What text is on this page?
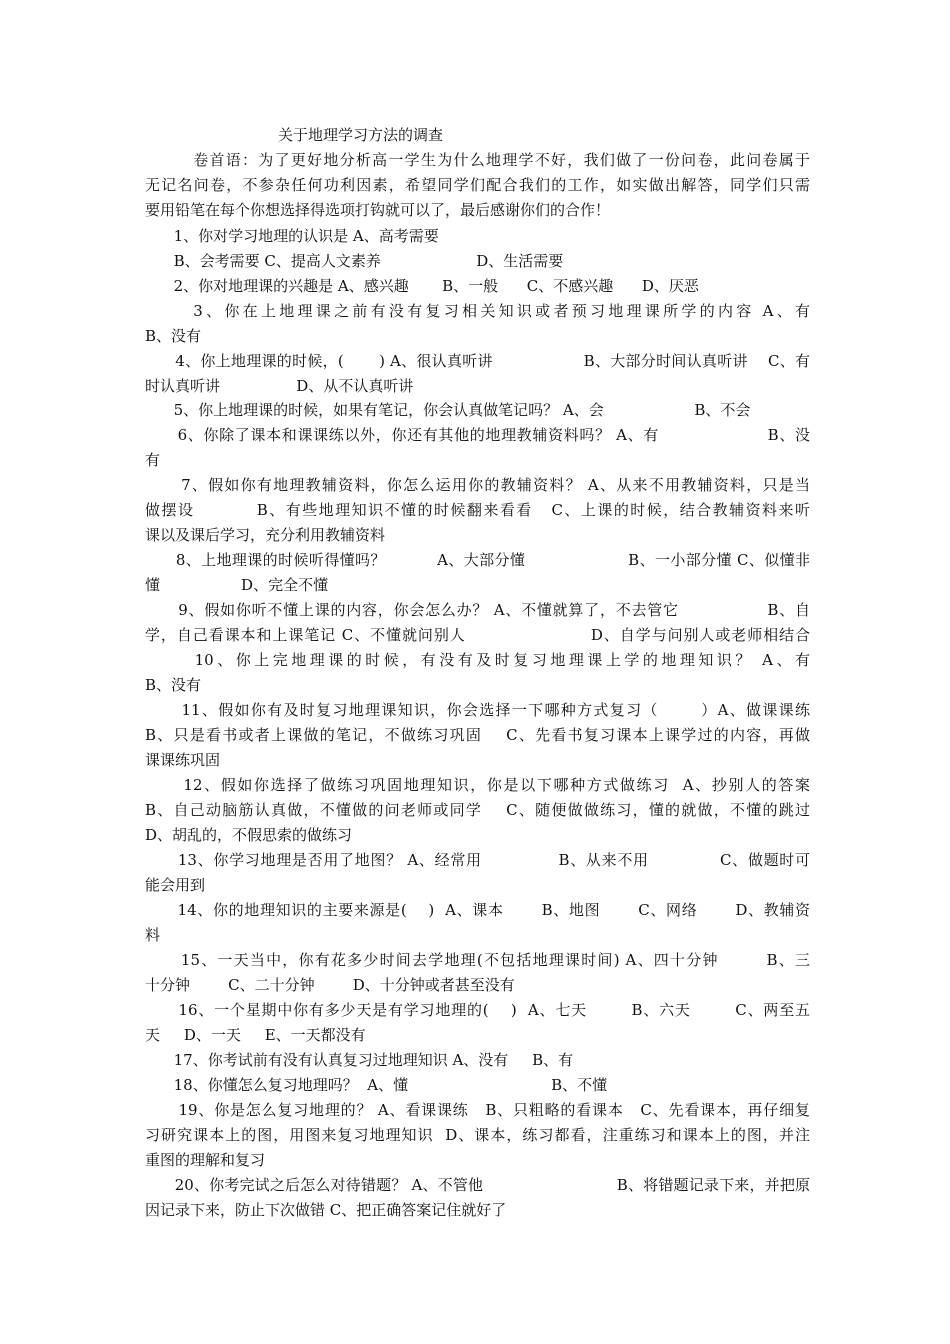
关于地理学习方法的调查
卷首语：为了更好地分析高一学生为什么地理学不好，我们做了一份问卷，此问卷属于
无记名问卷，不参杂任何功利因素，希望同学们配合我们的工作，如实做出解答，同学们只需
要用铅笔在每个你想选择得选项打钩就可以了，最后感谢你们的合作！
1、你对学习地理的认识是 A、高考需要
B、会考需要 C、提高人文素养                    D、生活需要
2、你对地理课的兴趣是 A、感兴趣       B、一般      C、不感兴趣      D、厌恶
3、你在上地理课之前有没有复习相关知识或者预习地理课所学的内容 A、有
B、没有
4、你上地理课的时候，(       ) A、很认真听讲                  B、大部分时间认真听讲    C、有
时认真听讲                D、从不认真听讲
5、你上地理课的时候，如果有笔记，你会认真做笔记吗？ A、会                   B、不会
6、你除了课本和课课练以外，你还有其他的地理教辅资料吗？ A、有                    B、没
有
7、假如你有地理教辅资料，你怎么运用你的教辅资料？ A、从来不用教辅资料，只是当
做摆设          B、有些地理知识不懂的时候翻来看看   C、上课的时候，结合教辅资料来听
课以及课后学习，充分利用教辅资料
8、上地理课的时候听得懂吗？          A、大部分懂                    B、一小部分懂 C、似懂非
懂                 D、完全不懂
9、假如你听不懂上课的内容，你会怎么办？ A、不懂就算了，不去管它                B、自
学，自己看课本和上课笔记 C、不懂就问别人                      D、自学与问别人或老师相结合
10、你上完地理课的时候，有没有及时复习地理课上学的地理知识？ A、有
B、没有
11、假如你有及时复习地理课知识，你会选择一下哪种方式复习（       ）A、做课课练
B、只是看书或者上课做的笔记，不做练习巩固    C、先看书复习课本上课学过的内容，再做
课课练巩固
12、假如你选择了做练习巩固地理知识，你是以下哪种方式做练习  A、抄别人的答案
B、自己动脑筋认真做，不懂做的问老师或同学    C、随便做做练习，懂的就做，不懂的跳过
D、胡乱的，不假思索的做练习
13、你学习地理是否用了地图？ A、经常用              B、从来不用             C、做题时可
能会用到
14、你的地理知识的主要来源是(    )  A、课本       B、地图       C、网络       D、教辅资
料
15、一天当中，你有花多少时间去学地理(不包括地理课时间) A、四十分钟        B、三
十分钟        C、二十分钟        D、十分钟或者甚至没有
16、一个星期中你有多少天是有学习地理的(    )  A、七天        B、六天        C、两至五
天     D、一天     E、一天都没有
17、你考试前有没有认真复习过地理知识 A、没有     B、有
18、你懂怎么复习地理吗？  A、懂                              B、不懂
19、你是怎么复习地理的？ A、看课课练   B、只粗略的看课本   C、先看课本，再仔细复
习研究课本上的图，用图来复习地理知识  D、课本，练习都看，注重练习和课本上的图，并注
重图的理解和复习
20、你考完试之后怎么对待错题？ A、不管他                           B、将错题记录下来，并把原
因记录下来，防止下次做错 C、把正确答案记住就好了
